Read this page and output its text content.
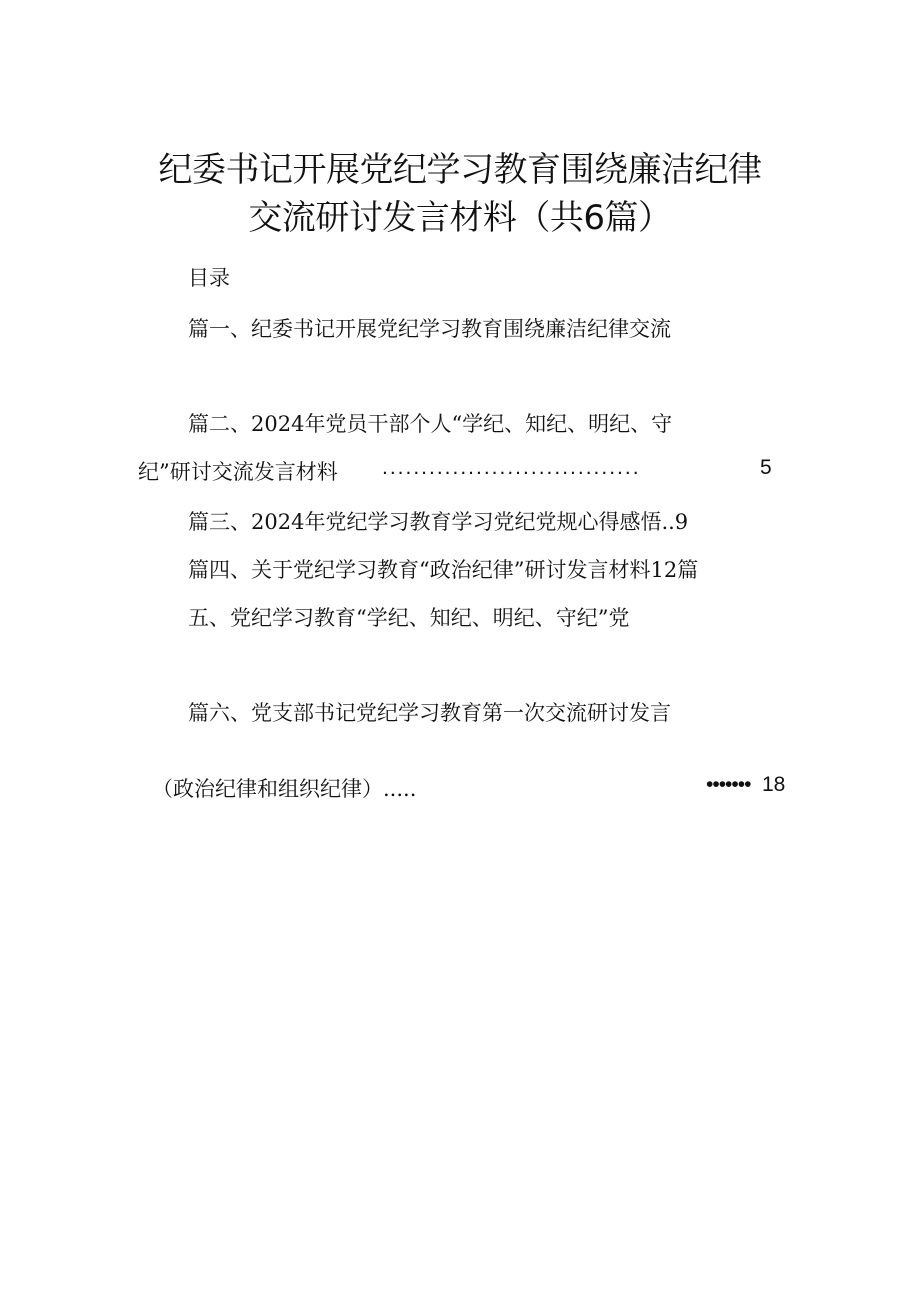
纪委书记开展党纪学习教育围绕廉洁纪律
交流研讨发言材料（共6篇）
目录
篇一、纪委书记开展党纪学习教育围绕廉洁纪律交流
篇二、2024年党员干部个人“学纪、知纪、明纪、守
纪”研讨交流发言材料 .................................	5
篇三、2024年党纪学习教育学习党纪党规心得感悟..9
篇四、关于党纪学习教育“政治纪律”研讨发言材料12篇
五、党纪学习教育“学纪、知纪、明纪、守纪”党
篇六、党支部书记党纪学习教育第一次交流研讨发言
（政治纪律和组织纪律）.....	••••••• 18
